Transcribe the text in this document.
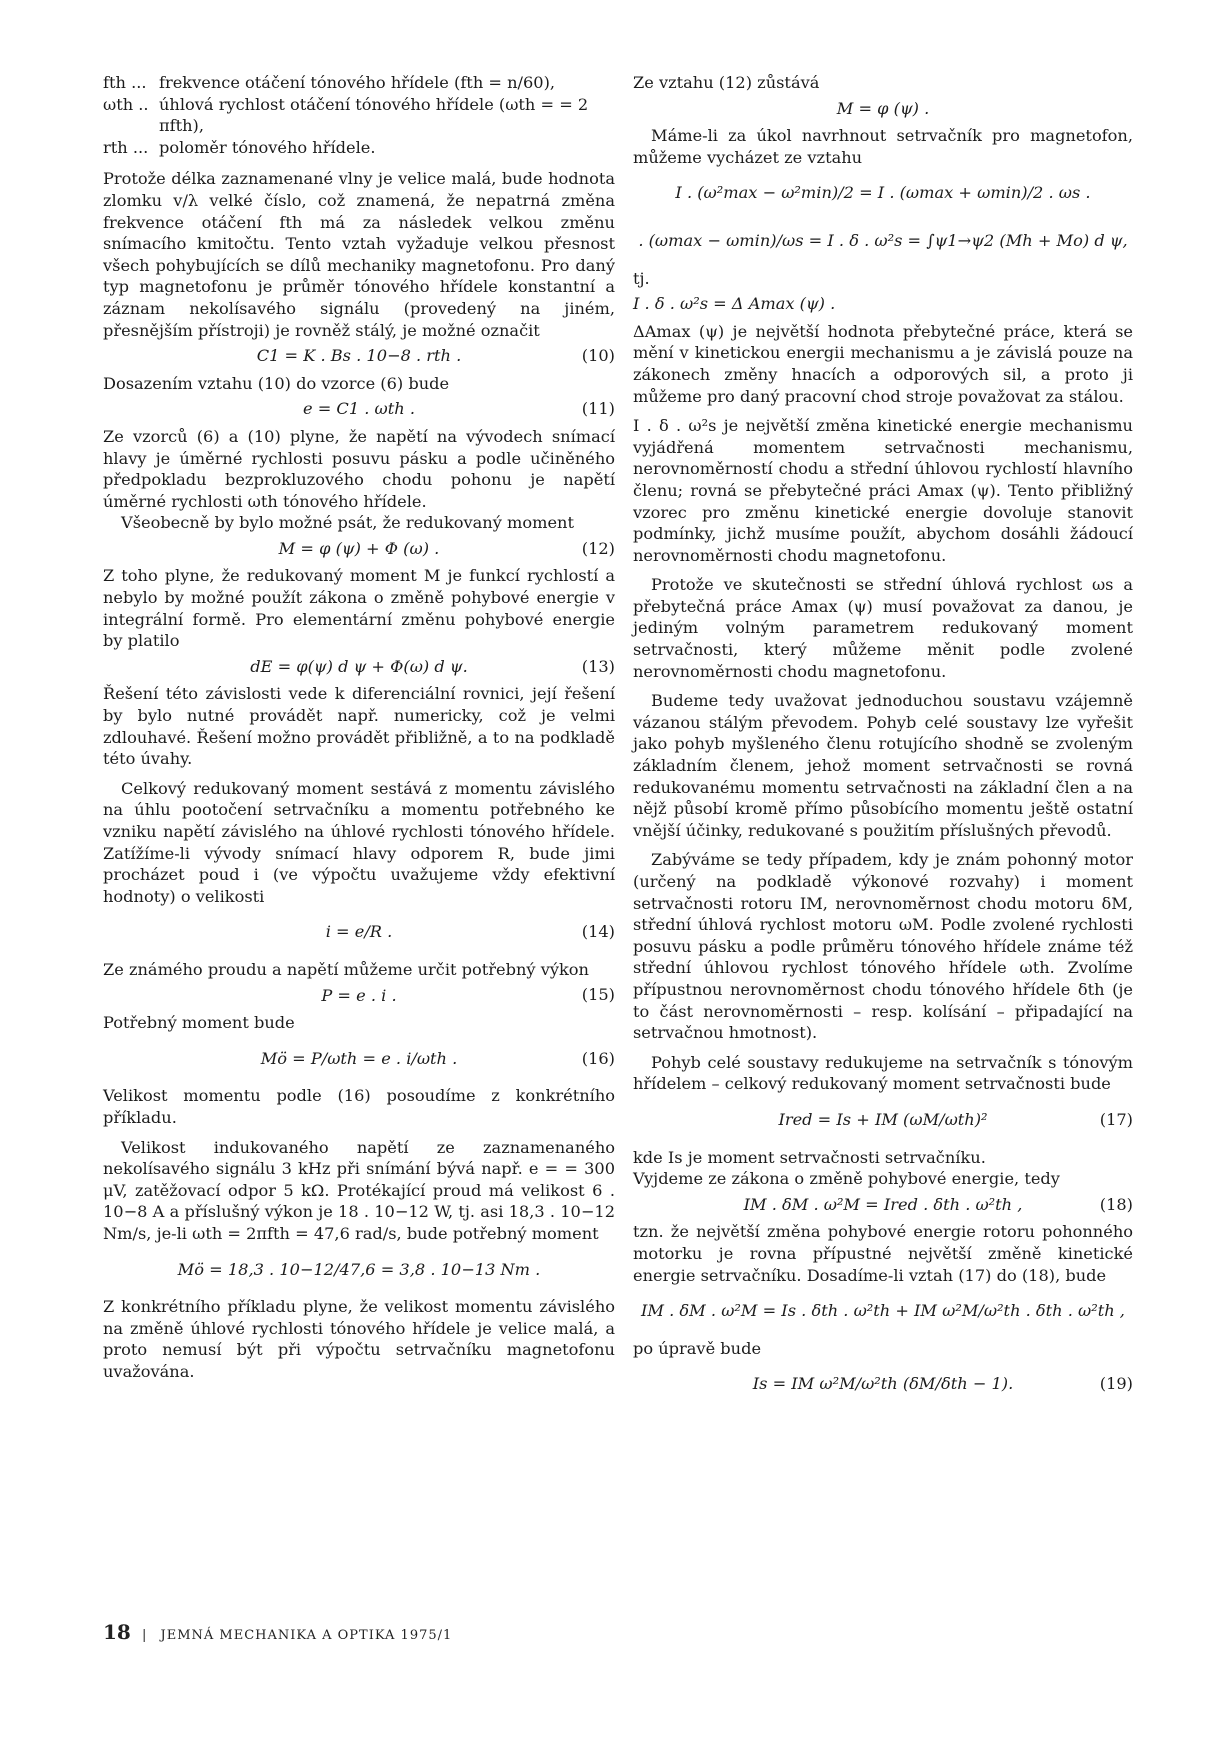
fth ... frekvence otáčení tónového hřídele (fth = n/60),
ωth .. úhlová rychlost otáčení tónového hřídele (ωth = = 2 πfth),
rth ... poloměr tónového hřídele.

Protože délka zaznamenané vlny je velice malá, bude hodnota zlomku v/λ velké číslo, což znamená, že nepatrná změna frekvence otáčení fth má za následek velkou změnu snímacího kmitočtu. Tento vztah vyžaduje velkou přesnost všech pohybujících se dílů mechaniky magnetofonu. Pro daný typ magnetofonu je průměr tónového hřídele konstantní a záznam nekolísavého signálu (provedený na jiném, přesnějším přístroji) je rovněž stálý, je možné označit

C1 = K . Bs . 10−8 . rth .	(10)

Dosazením vztahu (10) do vzorce (6) bude

e = C1 . ωth .	(11)

Ze vzorců (6) a (10) plyne, že napětí na vývodech snímací hlavy je úměrné rychlosti posuvu pásku a podle učiněného předpokladu bezprokluzového chodu pohonu je napětí úměrné rychlosti ωth tónového hřídele.

Všeobecně by bylo možné psát, že redukovaný moment

M = φ (ψ) + Φ (ω) .	(12)

Z toho plyne, že redukovaný moment M je funkcí rychlostí a nebylo by možné použít zákona o změně pohybové energie v integrální formě. Pro elementární změnu pohybové energie by platilo

dE = φ(ψ) d ψ + Φ(ω) d ψ.	(13)

Řešení této závislosti vede k diferenciální rovnici, její řešení by bylo nutné provádět např. numericky, což je velmi zdlouhavé. Řešení možno provádět přibližně, a to na podkladě této úvahy.

Celkový redukovaný moment sestává z momentu závislého na úhlu pootočení setrvačníku a momentu potřebného ke vzniku napětí závislého na úhlové rychlosti tónového hřídele. Zatížíme-li vývody snímací hlavy odporem R, bude jimi procházet poud i (ve výpočtu uvažujeme vždy efektivní hodnoty) o velikosti

i = e/R .	(14)

Ze známého proudu a napětí můžeme určit potřebný výkon

P = e . i .	(15)

Potřebný moment bude

Mö = P/ωth = e . i/ωth .	(16)

Velikost momentu podle (16) posoudíme z konkrétního příkladu.

Velikost indukovaného napětí ze zaznamenaného nekolísavého signálu 3 kHz při snímání bývá např. e = = 300 μV, zatěžovací odpor 5 kΩ. Protékající proud má velikost 6 . 10−8 A a příslušný výkon je 18 . 10−12 W, tj. asi 18,3 . 10−12 Nm/s, je-li ωth = 2πfth = 47,6 rad/s, bude potřebný moment

Mö = 18,3 . 10−12/47,6 = 3,8 . 10−13 Nm .

Z konkrétního příkladu plyne, že velikost momentu závislého na změně úhlové rychlosti tónového hřídele je velice malá, a proto nemusí být při výpočtu setrvačníku magnetofonu uvažována.

Ze vztahu (12) zůstává

M = φ (ψ) .

Máme-li za úkol navrhnout setrvačník pro magnetofon, můžeme vycházet ze vztahu

I . (ω²max − ω²min)/2 = I . (ωmax + ωmin)/2 . ωs .
. (ωmax − ωmin)/ωs = I . δ . ω²s = ∫ψ1→ψ2 (Mh + Mo) d ψ,

tj.

I . δ . ω²s = Δ Amax (ψ) .

ΔAmax (ψ) je největší hodnota přebytečné práce, která se mění v kinetickou energii mechanismu a je závislá pouze na zákonech změny hnacích a odporových sil, a proto ji můžeme pro daný pracovní chod stroje považovat za stálou.

I . δ . ω²s je největší změna kinetické energie mechanismu vyjádřená momentem setrvačnosti mechanismu, nerovnoměrností chodu a střední úhlovou rychlostí hlavního členu; rovná se přebytečné práci Amax (ψ). Tento přibližný vzorec pro změnu kinetické energie dovoluje stanovit podmínky, jichž musíme použít, abychom dosáhli žádoucí nerovnoměrnosti chodu magnetofonu.

Protože ve skutečnosti se střední úhlová rychlost ωs a přebytečná práce Amax (ψ) musí považovat za danou, je jediným volným parametrem redukovaný moment setrvačnosti, který můžeme měnit podle zvolené nerovnoměrnosti chodu magnetofonu.

Budeme tedy uvažovat jednoduchou soustavu vzájemně vázanou stálým převodem. Pohyb celé soustavy lze vyřešit jako pohyb myšleného členu rotujícího shodně se zvoleným základním členem, jehož moment setrvačnosti se rovná redukovanému momentu setrvačnosti na základní člen a na nějž působí kromě přímo působícího momentu ještě ostatní vnější účinky, redukované s použitím příslušných převodů.

Zabýváme se tedy případem, kdy je znám pohonný motor (určený na podkladě výkonové rozvahy) i moment setrvačnosti rotoru IM, nerovnoměrnost chodu motoru δM, střední úhlová rychlost motoru ωM. Podle zvolené rychlosti posuvu pásku a podle průměru tónového hřídele známe též střední úhlovou rychlost tónového hřídele ωth. Zvolíme přípustnou nerovnoměrnost chodu tónového hřídele δth (je to část nerovnoměrnosti – resp. kolísání – připadající na setrvačnou hmotnost).

Pohyb celé soustavy redukujeme na setrvačník s tónovým hřídelem – celkový redukovaný moment setrvačnosti bude

Ired = Is + IM (ωM/ωth)²	(17)

kde Is je moment setrvačnosti setrvačníku.

Vyjdeme ze zákona o změně pohybové energie, tedy

IM . δM . ω²M = Ired . δth . ω²th ,	(18)

tzn. že největší změna pohybové energie rotoru pohonného motorku je rovna přípustné největší změně kinetické energie setrvačníku. Dosadíme-li vztah (17) do (18), bude

IM . δM . ω²M = Is . δth . ω²th + IM ω²M/ω²th . δth . ω²th ,

po úpravě bude

Is = IM ω²M/ω²th (δM/δth − 1).	(19)
18 | JEMNÁ MECHANIKA A OPTIKA 1975/1
